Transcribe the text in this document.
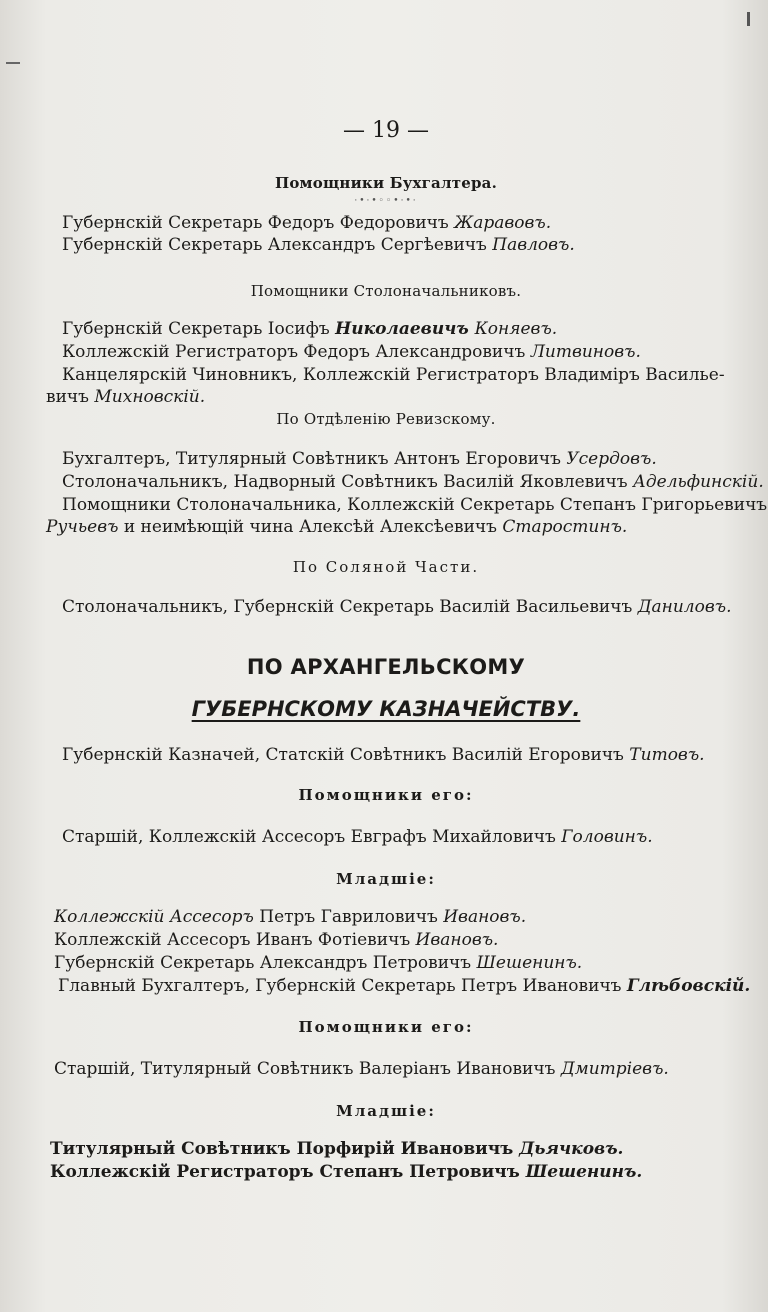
— 19 —
Помощники Бухгалтера.
·•·•◦◦•·•·
Губернскій Секретарь Федоръ Федоровичъ Жаравовъ.
Губернскій Секретарь Александръ Сергѣевичъ Павловъ.
Помощники Столоначальниковъ.
Губернскій Секретарь Іосифъ Николаевичъ Коняевъ.
Коллежскій Регистраторъ Федоръ Александровичъ Литвиновъ.
Канцелярскій Чиновникъ, Коллежскій Регистраторъ Владиміръ Василье-
вичъ Михновскій.
По Отдѣленію Ревизскому.
Бухгалтеръ, Титулярный Совѣтникъ Антонъ Егоровичъ Усердовъ.
Столоначальникъ, Надворный Совѣтникъ Василій Яковлевичъ Адельфинскій.
Помощники Столоначальника, Коллежскій Секретарь Степанъ Григорьевичъ
Ручьевъ и неимѣющій чина Алексѣй Алексѣевичъ Старостинъ.
По Соляной Части.
Столоначальникъ, Губернскій Секретарь Василій Васильевичъ Даниловъ.
ПО АРХАНГЕЛЬСКОМУ
ГУБЕРНСКОМУ КАЗНАЧЕЙСТВУ.
Губернскій Казначей, Статскій Совѣтникъ Василій Егоровичъ Титовъ.
Помощники его:
Старшій, Коллежскій Ассесоръ Евграфъ Михайловичъ Головинъ.
Младшіе:
Коллежскій Ассесоръ Петръ Гавриловичъ Ивановъ.
Коллежскій Ассесоръ Иванъ Фотіевичъ Ивановъ.
Губернскій Секретарь Александръ Петровичъ Шешенинъ.
Главный Бухгалтеръ, Губернскій Секретарь Петръ Ивановичъ Глѣбовскій.
Помощники его:
Старшій, Титулярный Совѣтникъ Валеріанъ Ивановичъ Дмитріевъ.
Младшіе:
Титулярный Совѣтникъ Порфирій Ивановичъ Дьячковъ.
Коллежскій Регистраторъ Степанъ Петровичъ Шешенинъ.
